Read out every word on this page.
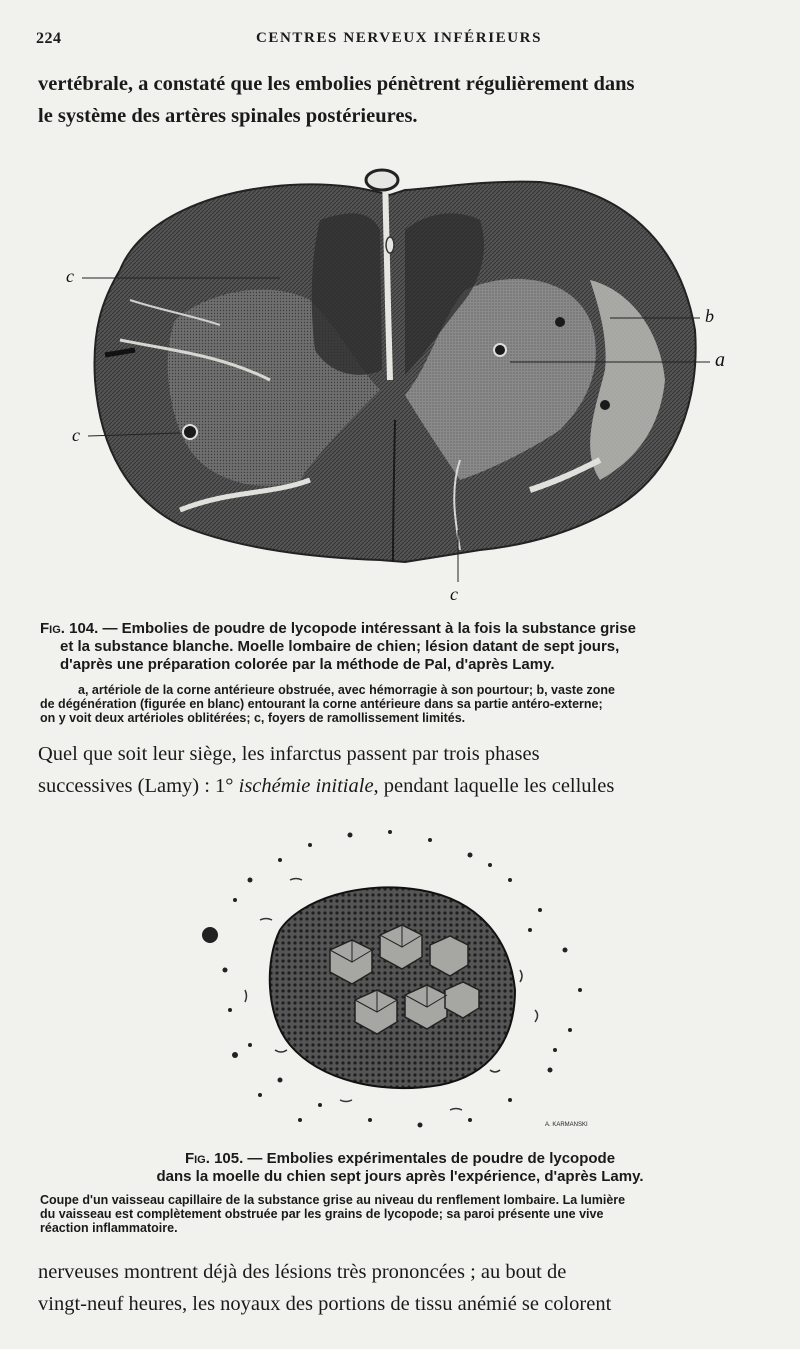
224	CENTRES NERVEUX INFÉRIEURS
vertébrale, a constaté que les embolies pénètrent régulièrement dans
le système des artères spinales postérieures.
c
b
a
c
c
Fig. 104. — Embolies de poudre de lycopode intéressant à la fois la substance grise
et la substance blanche. Moelle lombaire de chien; lésion datant de sept jours,
d'après une préparation colorée par la méthode de Pal, d'après Lamy.
a, artériole de la corne antérieure obstruée, avec hémorragie à son pourtour; b, vaste zone
de dégénération (figurée en blanc) entourant la corne antérieure dans sa partie antéro-externe;
on y voit deux artérioles oblitérées; c, foyers de ramollissement limités.
Quel que soit leur siège, les infarctus passent par trois phases
successives (Lamy) : 1° ischémie initiale, pendant laquelle les cellules
A. KARMANSKI
Fig. 105. — Embolies expérimentales de poudre de lycopode
dans la moelle du chien sept jours après l'expérience, d'après Lamy.
Coupe d'un vaisseau capillaire de la substance grise au niveau du renflement lombaire. La lumière
du vaisseau est complètement obstruée par les grains de lycopode; sa paroi présente une vive
réaction inflammatoire.
nerveuses montrent déjà des lésions très prononcées ; au bout de
vingt-neuf heures, les noyaux des portions de tissu anémié se colorent
